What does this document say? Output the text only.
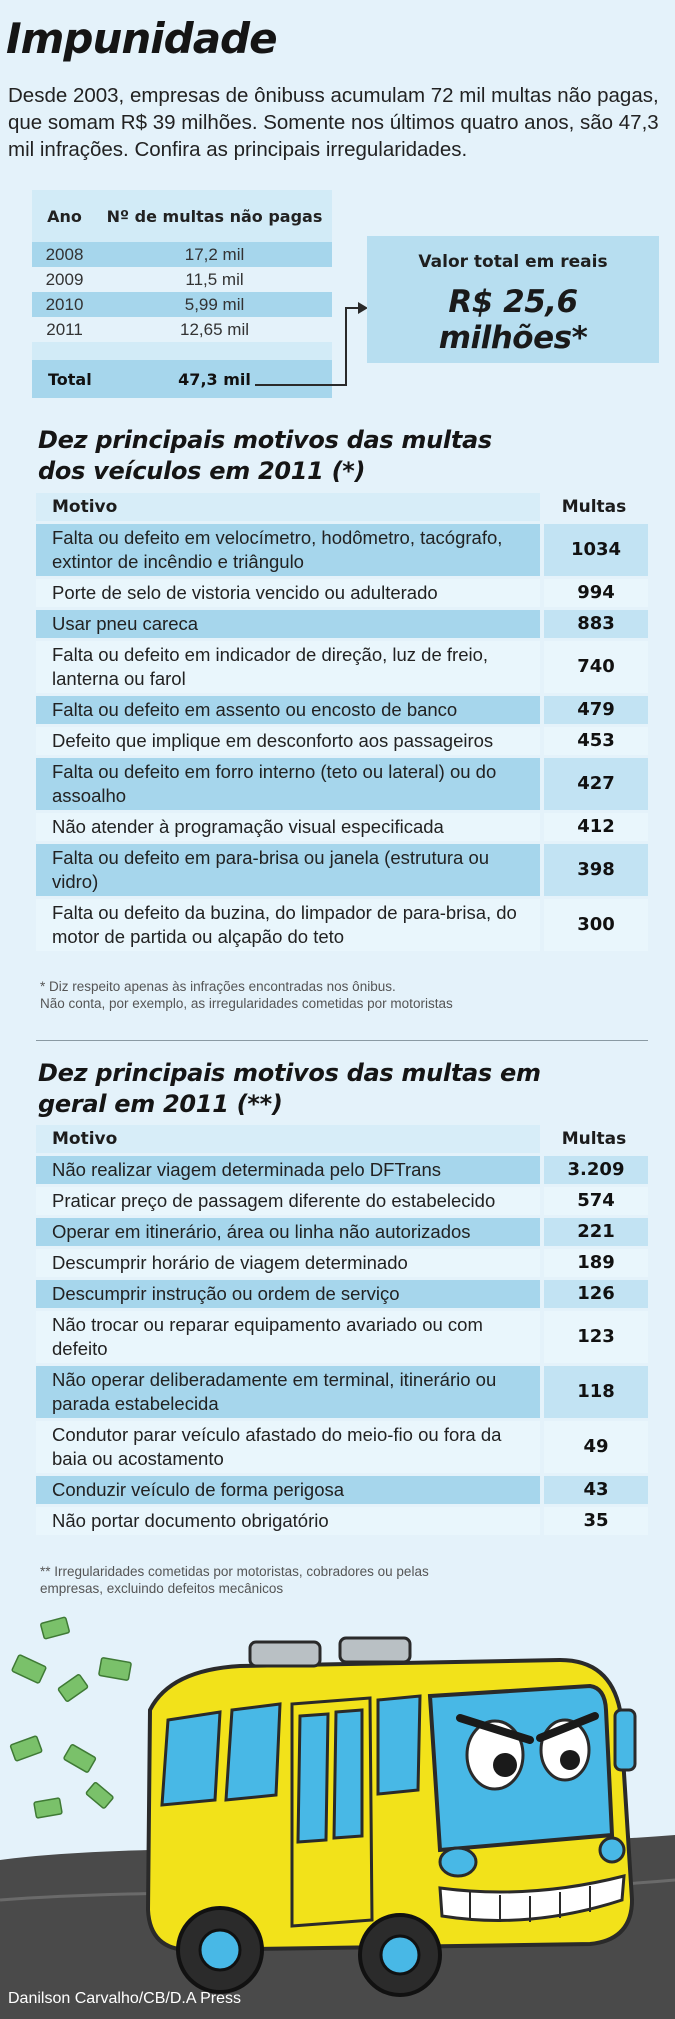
Impunidade

Desde 2003, empresas de ônibuss acumulam 72 mil multas não pagas, que somam R$ 39 milhões. Somente nos últimos quatro anos, são 47,3 mil infrações. Confira as principais irregularidades.

Ano	Nº de multas não pagas
2008	17,2 mil
2009	11,5 mil
2010	5,99 mil
2011	12,65 mil

Total	47,3 mil
Valor total em reais
R$ 25,6 milhões*
Dez principais motivos das multas
dos veículos em 2011 (*)
Motivo	Multas
Falta ou defeito em velocímetro, hodômetro, tacógrafo, extintor de incêndio e triângulo	1034
Porte de selo de vistoria vencido ou adulterado	994
Usar pneu careca	883
Falta ou defeito em indicador de direção, luz de freio, lanterna ou farol	740
Falta ou defeito em assento ou encosto de banco	479
Defeito que implique em desconforto aos passageiros	453
Falta ou defeito em forro interno (teto ou lateral) ou do assoalho	427
Não atender à programação visual especificada	412
Falta ou defeito em para-brisa ou janela (estrutura ou vidro)	398
Falta ou defeito da buzina, do limpador de para-brisa, do motor de partida ou alçapão do teto	300
* Diz respeito apenas às infrações encontradas nos ônibus.
Não conta, por exemplo, as irregularidades cometidas por motoristas
Dez principais motivos das multas em
geral em 2011 (**)
Motivo	Multas
Não realizar viagem determinada pelo DFTrans	3.209
Praticar preço de passagem diferente do estabelecido	574
Operar em itinerário, área ou linha não autorizados	221
Descumprir horário de viagem determinado	189
Descumprir instrução ou ordem de serviço	126
Não trocar ou reparar equipamento avariado ou com defeito	123
Não operar deliberadamente em terminal, itinerário ou parada estabelecida	118
Condutor parar veículo afastado do meio-fio ou fora da baia ou acostamento	49
Conduzir veículo de forma perigosa	43
Não portar documento obrigatório	35
** Irregularidades cometidas por motoristas, cobradores ou pelas
empresas, excluindo defeitos mecânicos
Danilson Carvalho/CB/D.A Press
